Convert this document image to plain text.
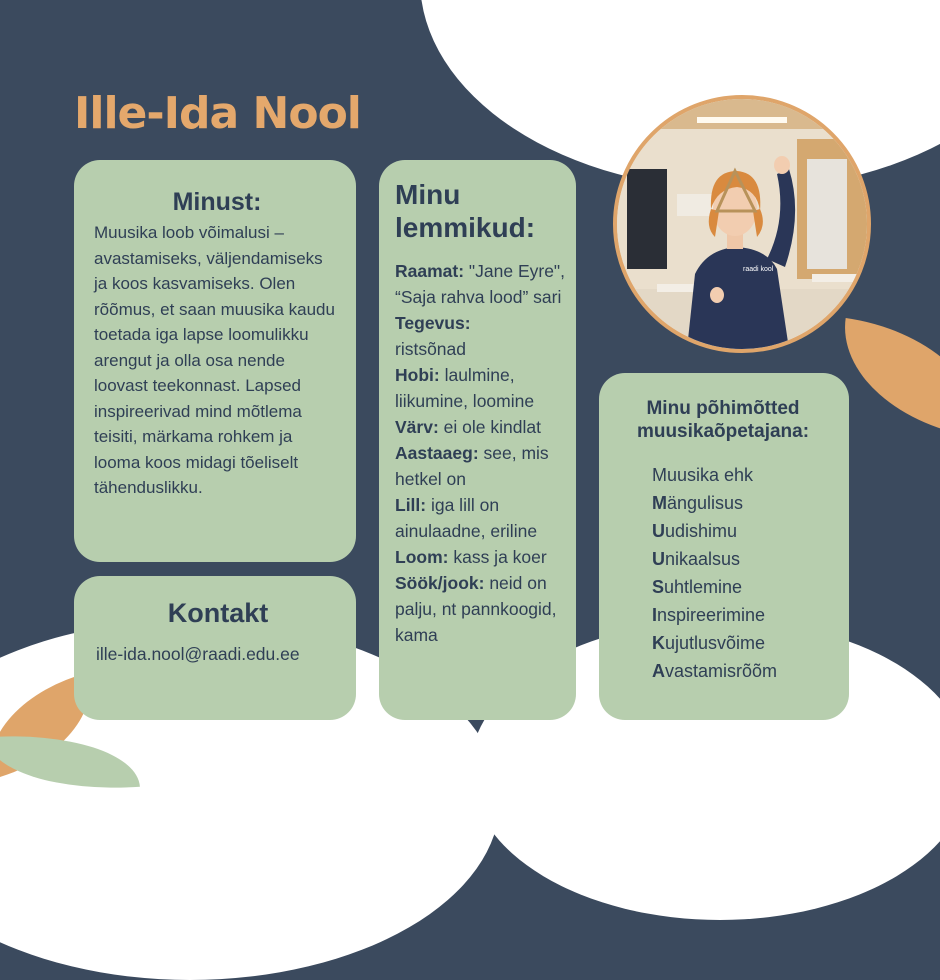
Ille-Ida Nool
Minust:
Muusika loob võimalusi – avastamiseks, väljendamiseks ja koos kasvamiseks. Olen rõõmus, et saan muusika kaudu toetada iga lapse loomulikku arengut ja olla osa nende loovast teekonnast. Lapsed inspireerivad mind mõtlema teisiti, märkama rohkem ja looma koos midagi tõeliselt tähenduslikku.
Kontakt
ille-ida.nool@raadi.edu.ee
Minu lemmikud:
Raamat: "Jane Eyre", “Saja rahva lood” sari
Tegevus:
ristsõnad
Hobi: laulmine, liikumine, loomine
Värv: ei ole kindlat
Aastaaeg: see, mis hetkel on
Lill: iga lill on ainulaadne, eriline
Loom: kass ja koer
Söök/jook: neid on palju, nt pannkoogid, kama
Minu põhimõtted muusikaõpetajana:
Muusika ehk
Mängulisus
Uudishimu
Unikaalsus
Suhtlemine
Inspireerimine
Kujutlusvõime
Avastamisrõõm
raadi kool
